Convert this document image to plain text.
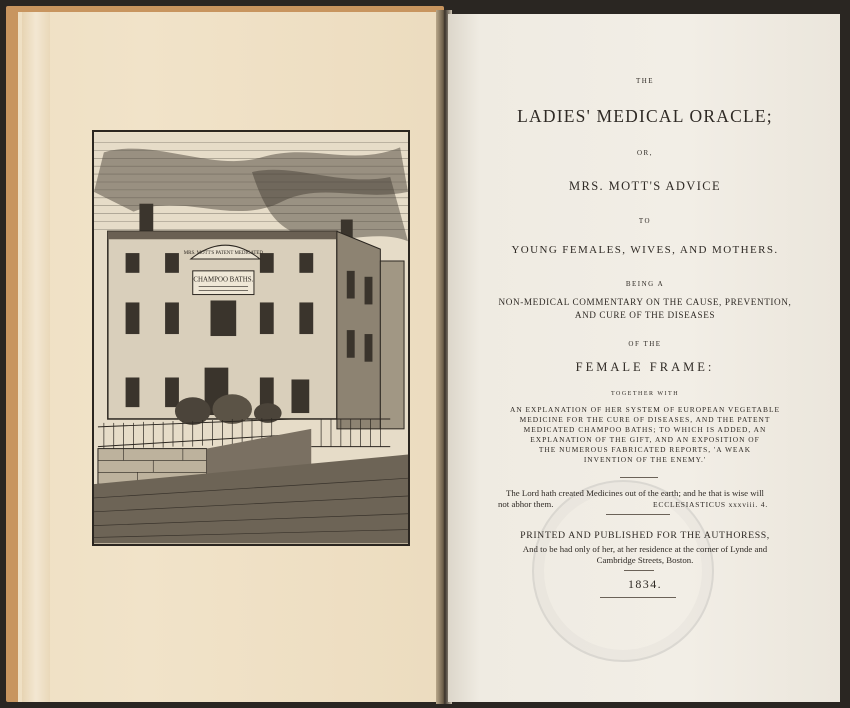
MRS. MOTT'S PATENT MEDICATED
CHAMPOO BATHS.
THE
LADIES' MEDICAL ORACLE;
OR,
MRS. MOTT'S ADVICE
TO
YOUNG FEMALES, WIVES, AND MOTHERS.
BEING A
NON-MEDICAL COMMENTARY ON THE CAUSE, PREVENTION,
AND CURE OF THE DISEASES
OF THE
FEMALE FRAME:
TOGETHER WITH
AN EXPLANATION OF HER SYSTEM OF EUROPEAN VEGETABLE
MEDICINE FOR THE CURE OF DISEASES, AND THE PATENT
MEDICATED CHAMPOO BATHS; TO WHICH IS ADDED, AN
EXPLANATION OF THE GIFT, AND AN EXPOSITION OF
THE NUMEROUS FABRICATED REPORTS, 'A WEAK
INVENTION OF THE ENEMY.'
The Lord hath created Medicines out of the earth; and he that is wise will
not abhor them.	ECCLESIASTICUS xxxviii. 4.
PRINTED AND PUBLISHED FOR THE AUTHORESS,
And to be had only of her, at her residence at the corner of Lynde and
Cambridge Streets, Boston.
1834.
